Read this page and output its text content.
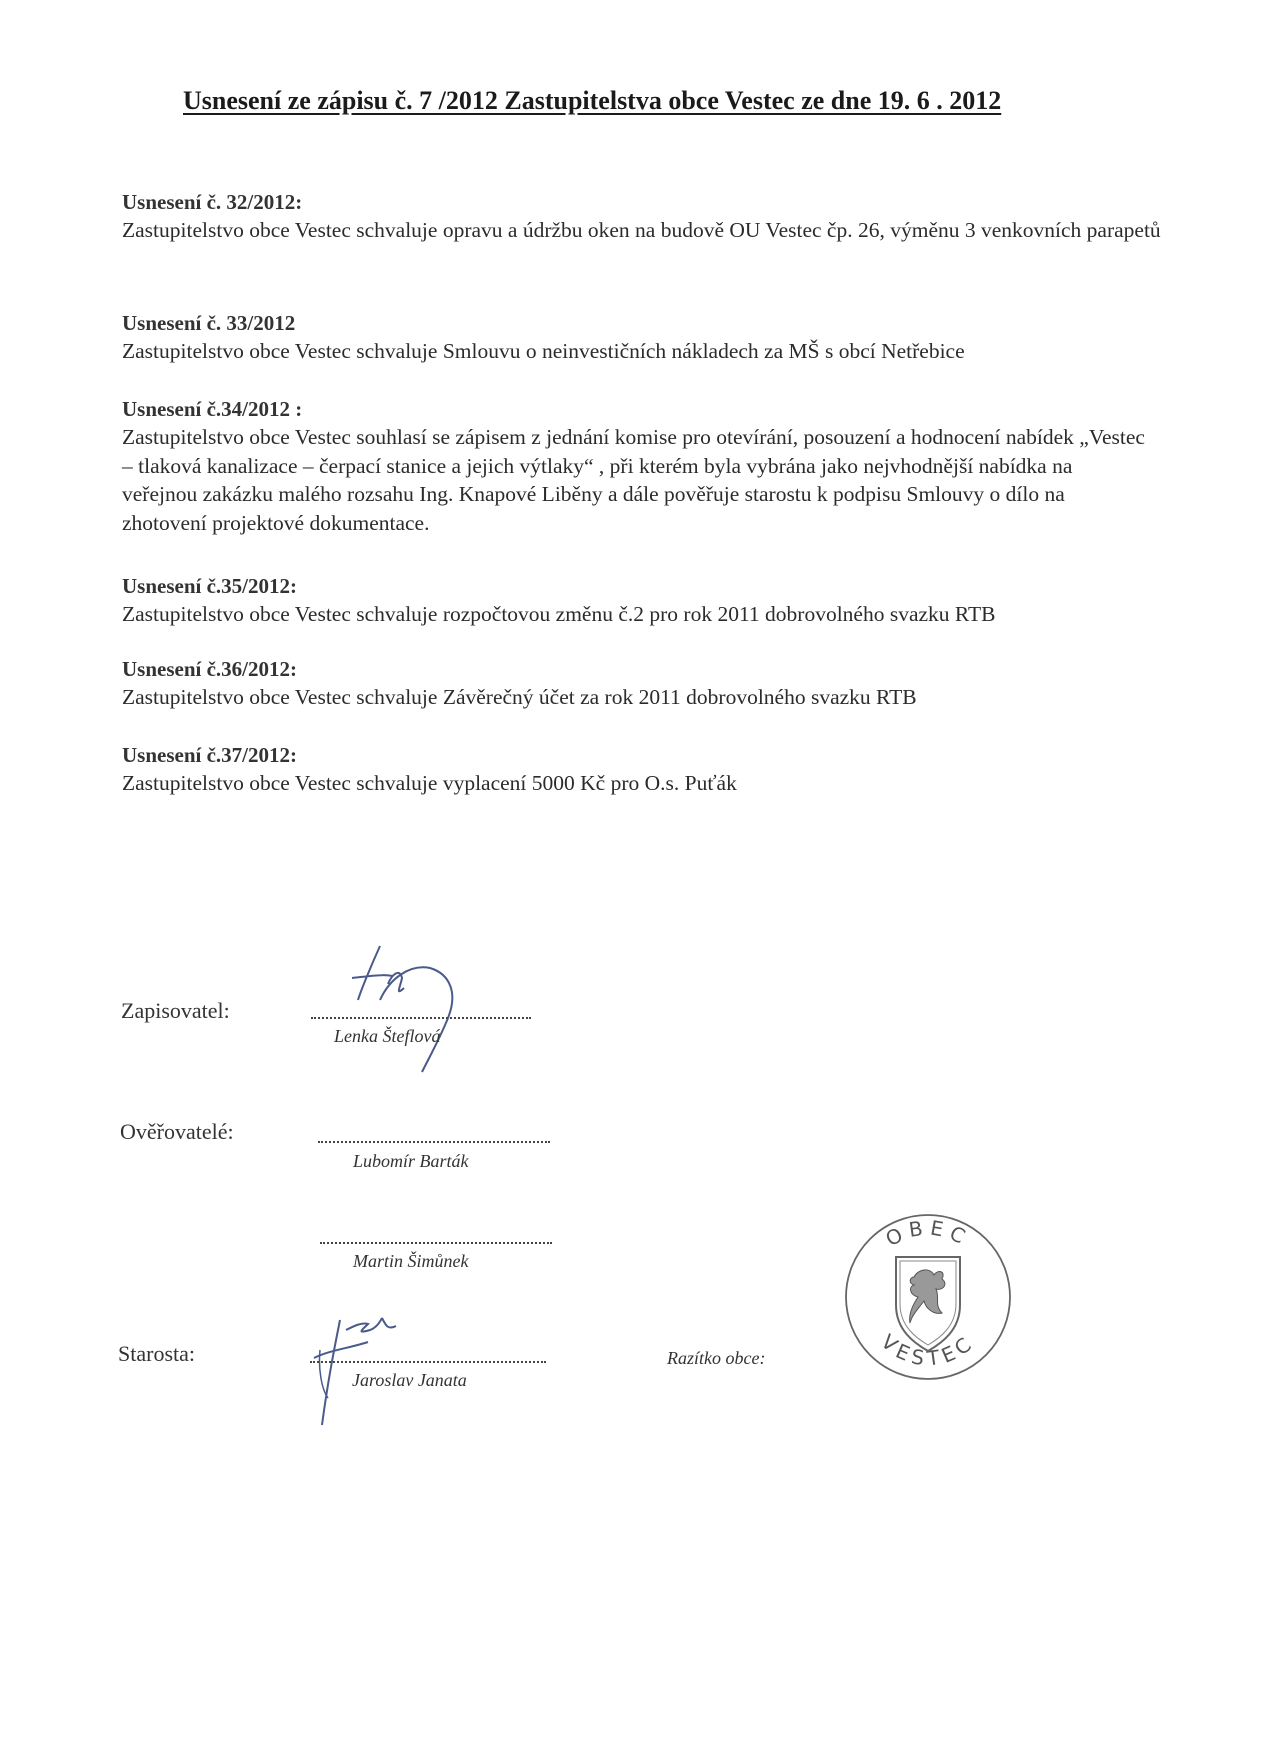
Usnesení ze zápisu č. 7 /2012 Zastupitelstva obce Vestec ze dne 19. 6 . 2012
Usnesení č. 32/2012:
Zastupitelstvo obce Vestec schvaluje opravu a údržbu oken na budově OU Vestec čp. 26, výměnu 3 venkovních parapetů
Usnesení č. 33/2012
Zastupitelstvo obce Vestec schvaluje Smlouvu o neinvestičních nákladech za MŠ s obcí Netřebice
Usnesení č.34/2012 :
Zastupitelstvo obce Vestec souhlasí se zápisem z jednání komise pro otevírání, posouzení a hodnocení nabídek „Vestec – tlaková kanalizace – čerpací stanice a jejich výtlaky“ , při kterém byla vybrána jako nejvhodnější nabídka na veřejnou zakázku malého rozsahu Ing. Knapové Liběny a dále pověřuje starostu k podpisu Smlouvy o dílo na zhotovení projektové dokumentace.
Usnesení č.35/2012:
Zastupitelstvo obce Vestec schvaluje rozpočtovou změnu č.2 pro rok 2011 dobrovolného svazku RTB
Usnesení č.36/2012:
Zastupitelstvo obce Vestec schvaluje Závěrečný účet za rok 2011 dobrovolného svazku RTB
Usnesení č.37/2012:
Zastupitelstvo obce Vestec schvaluje vyplacení 5000 Kč pro O.s. Puťák
Zapisovatel:
Lenka Šteflová
Ověřovatelé:
Lubomír Barták
Martin Šimůnek
Starosta:
Jaroslav Janata
Razítko obce:
OBEC
VESTEC
